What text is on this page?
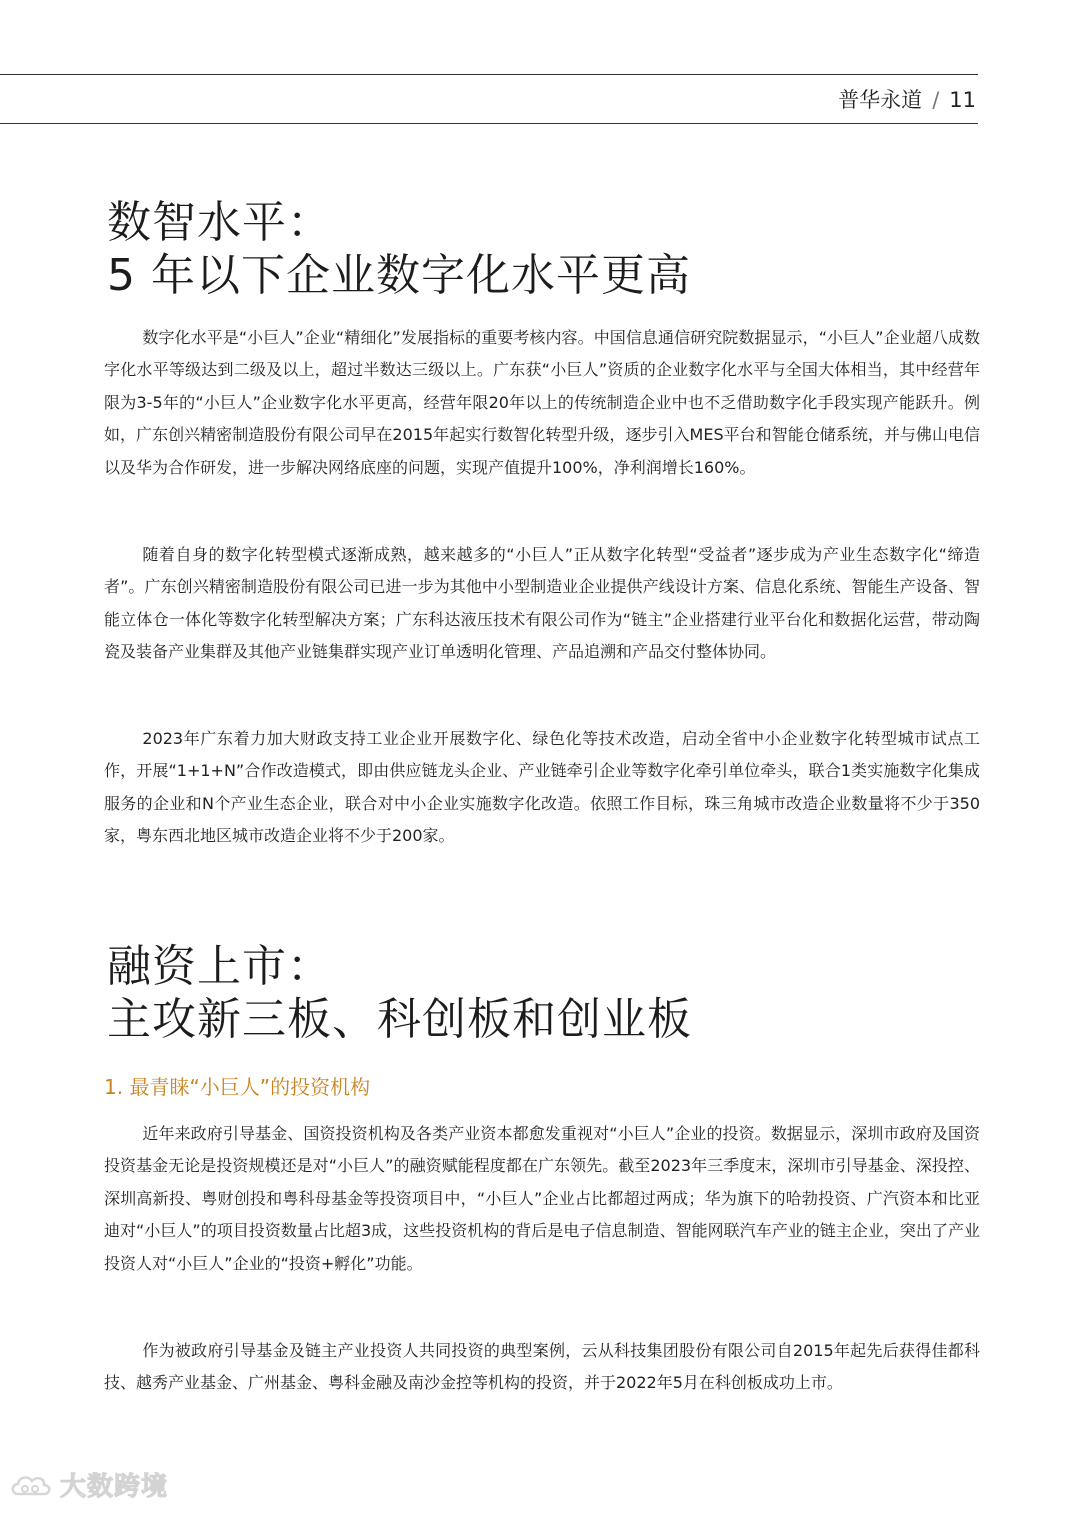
普华永道 / 11
数智水平：
5 年以下企业数字化水平更高

数字化水平是“小巨人”企业“精细化”发展指标的重要考核内容。中国信息通信研究院数据显示，“小巨人”企业超八成数字化水平等级达到二级及以上，超过半数达三级以上。广东获“小巨人”资质的企业数字化水平与全国大体相当，其中经营年限为3-5年的“小巨人”企业数字化水平更高，经营年限20年以上的传统制造企业中也不乏借助数字化手段实现产能跃升。例如，广东创兴精密制造股份有限公司早在2015年起实行数智化转型升级，逐步引入MES平台和智能仓储系统，并与佛山电信以及华为合作研发，进一步解决网络底座的问题，实现产值提升100%，净利润增长160%。

随着自身的数字化转型模式逐渐成熟，越来越多的“小巨人”正从数字化转型“受益者”逐步成为产业生态数字化“缔造者”。广东创兴精密制造股份有限公司已进一步为其他中小型制造业企业提供产线设计方案、信息化系统、智能生产设备、智能立体仓一体化等数字化转型解决方案；广东科达液压技术有限公司作为“链主”企业搭建行业平台化和数据化运营，带动陶瓷及装备产业集群及其他产业链集群实现产业订单透明化管理、产品追溯和产品交付整体协同。

2023年广东着力加大财政支持工业企业开展数字化、绿色化等技术改造，启动全省中小企业数字化转型城市试点工作，开展“1+1+N”合作改造模式，即由供应链龙头企业、产业链牵引企业等数字化牵引单位牵头，联合1类实施数字化集成服务的企业和N个产业生态企业，联合对中小企业实施数字化改造。依照工作目标，珠三角城市改造企业数量将不少于350家，粤东西北地区城市改造企业将不少于200家。

融资上市：
主攻新三板、科创板和创业板
1. 最青睐“小巨人”的投资机构

近年来政府引导基金、国资投资机构及各类产业资本都愈发重视对“小巨人”企业的投资。数据显示，深圳市政府及国资投资基金无论是投资规模还是对“小巨人”的融资赋能程度都在广东领先。截至2023年三季度末，深圳市引导基金、深投控、深圳高新投、粤财创投和粤科母基金等投资项目中，“小巨人”企业占比都超过两成；华为旗下的哈勃投资、广汽资本和比亚迪对“小巨人”的项目投资数量占比超3成，这些投资机构的背后是电子信息制造、智能网联汽车产业的链主企业，突出了产业投资人对“小巨人”企业的“投资+孵化”功能。

作为被政府引导基金及链主产业投资人共同投资的典型案例，云从科技集团股份有限公司自2015年起先后获得佳都科技、越秀产业基金、广州基金、粤科金融及南沙金控等机构的投资，并于2022年5月在科创板成功上市。

大数跨境
